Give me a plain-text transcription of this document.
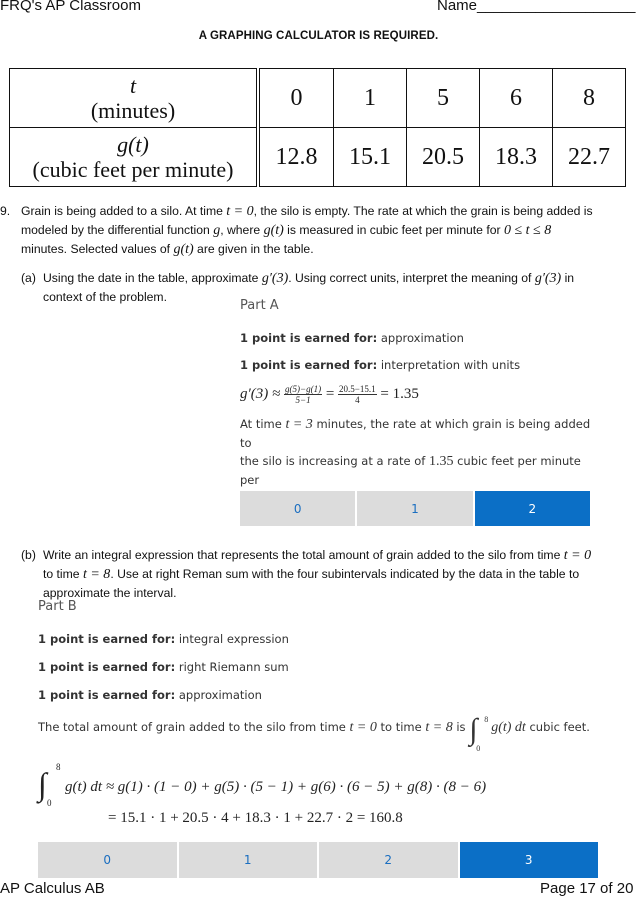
FRQ's AP Classroom	Name___________________
A GRAPHING CALCULATOR IS REQUIRED.
t
(minutes)	0	1	5	6	8

g(t)
(cubic feet per minute)	12.8	15.1	20.5	18.3	22.7
9. Grain is being added to a silo. At time t = 0, the silo is empty. The rate at which the grain is being added is
modeled by the differential function g, where g(t) is measured in cubic feet per minute for 0 ≤ t ≤ 8
minutes. Selected values of g(t) are given in the table.
(a) Using the date in the table, approximate g′(3). Using correct units, interpret the meaning of g′(3) in
context of the problem.
Part A
1 point is earned for: approximation
1 point is earned for: interpretation with units
$g'(3) \approx \frac{g(5)-g(1)}{5-1} = \frac{20.5-15.1}{4} = 1.35$
At time t = 3 minutes, the rate at which grain is being added to
the silo is increasing at a rate of 1.35 cubic feet per minute per
0	1	2
(b) Write an integral expression that represents the total amount of grain added to the silo from time t = 0
to time t = 8. Use at right Reman sum with the four subintervals indicated by the data in the table to
approximate the interval.
Part B
1 point is earned for: integral expression
1 point is earned for: right Riemann sum
1 point is earned for: approximation
The total amount of grain added to the silo from time t = 0 to time t = 8 is ∫ 8
0
g(t) dt cubic feet.
∫ 8
0
g(t) dt ≈ g(1) · (1 − 0) + g(5) · (5 − 1) + g(6) · (6 − 5) + g(8) · (8 − 6)
= 15.1 · 1 + 20.5 · 4 + 18.3 · 1 + 22.7 · 2 = 160.8
0	1	2	3
AP Calculus AB	Page 17 of 20
